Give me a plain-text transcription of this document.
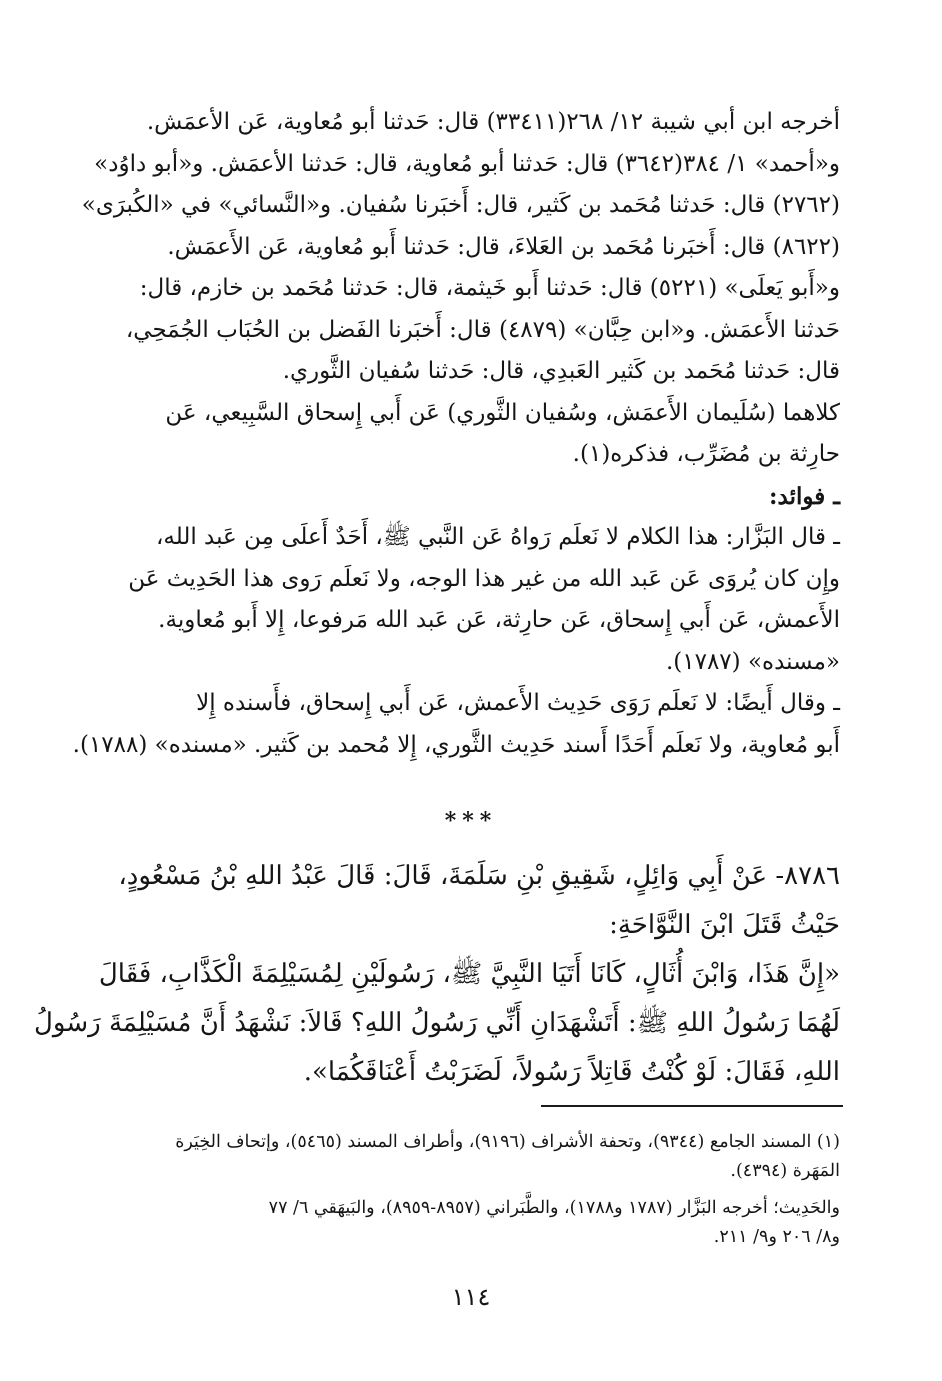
أخرجه ابن أبي شيبة ١٢/ ٢٦٨(٣٣٤١١) قال: حَدثنا أبو مُعاوية، عَن الأعمَش.
و«أحمد» ١/ ٣٨٤(٣٦٤٢) قال: حَدثنا أبو مُعاوية، قال: حَدثنا الأعمَش. و«أبو داوُد»
(٢٧٦٢) قال: حَدثنا مُحَمد بن كَثير، قال: أَخبَرنا سُفيان. و«النَّسائي» في «الكُبرَى»
(٨٦٢٢) قال: أَخبَرنا مُحَمد بن العَلاءَ، قال: حَدثنا أَبو مُعاوية، عَن الأَعمَش.
و«أَبو يَعلَى» (٥٢٢١) قال: حَدثنا أَبو خَيثمة، قال: حَدثنا مُحَمد بن خازم، قال:
حَدثنا الأَعمَش. و«ابن حِبَّان» (٤٨٧٩) قال: أَخبَرنا الفَضل بن الحُبَاب الجُمَحِي،
قال: حَدثنا مُحَمد بن كَثير العَبدِي، قال: حَدثنا سُفيان الثَّوري.
كلاهما (سُلَيمان الأَعمَش، وسُفيان الثَّوري) عَن أَبي إِسحاق السَّبِيعي، عَن
حارِثة بن مُضَرِّب، فذكره(١).
ـ فوائد:
ـ قال البَزَّار: هذا الكلام لا نَعلَم رَواهُ عَن النَّبي ﷺ، أَحَدٌ أَعلَى مِن عَبد الله،
وإِن كان يُروَى عَن عَبد الله من غير هذا الوجه، ولا نَعلَم رَوى هذا الحَدِيث عَن
الأَعمش، عَن أَبي إِسحاق، عَن حارِثة، عَن عَبد الله مَرفوعا، إِلا أَبو مُعاوية.
«مسنده» (١٧٨٧).
ـ وقال أَيضًا: لا نَعلَم رَوَى حَدِيث الأَعمش، عَن أَبي إِسحاق، فأَسنده إِلا
أَبو مُعاوية، ولا نَعلَم أَحَدًا أَسند حَدِيث الثَّوري، إِلا مُحمد بن كَثير. «مسنده» (١٧٨٨).
***
٨٧٨٦- عَنْ أَبِي وَائِلٍ، شَقِيقِ بْنِ سَلَمَةَ، قَالَ: قَالَ عَبْدُ اللهِ بْنُ مَسْعُودٍ،
حَيْثُ قَتَلَ ابْنَ النَّوَّاحَةِ:
«إِنَّ هَذَا، وَابْنَ أُثَالٍ، كَانَا أَتَيَا النَّبِيَّ ﷺ، رَسُولَيْنِ لِمُسَيْلِمَةَ الْكَذَّابِ، فَقَالَ
لَهُمَا رَسُولُ اللهِ ﷺ: أَتَشْهَدَانِ أَنِّي رَسُولُ اللهِ؟ قَالاَ: نَشْهَدُ أَنَّ مُسَيْلِمَةَ رَسُولُ
اللهِ، فَقَالَ: لَوْ كُنْتُ قَاتِلاً رَسُولاً، لَضَرَبْتُ أَعْنَاقَكُمَا».
(١) المسند الجامع (٩٣٤٤)، وتحفة الأشراف (٩١٩٦)، وأطراف المسند (٥٤٦٥)، وإتحاف الخِيَرة
المَهَرة (٤٣٩٤).
والحَدِيث؛ أخرجه البَزَّار (١٧٨٧ و١٧٨٨)، والطَّبَراني (٨٩٥٧-٨٩٥٩)، والبَيهَقي ٦/ ٧٧
و٨/ ٢٠٦ و٩/ ٢١١.
١١٤
